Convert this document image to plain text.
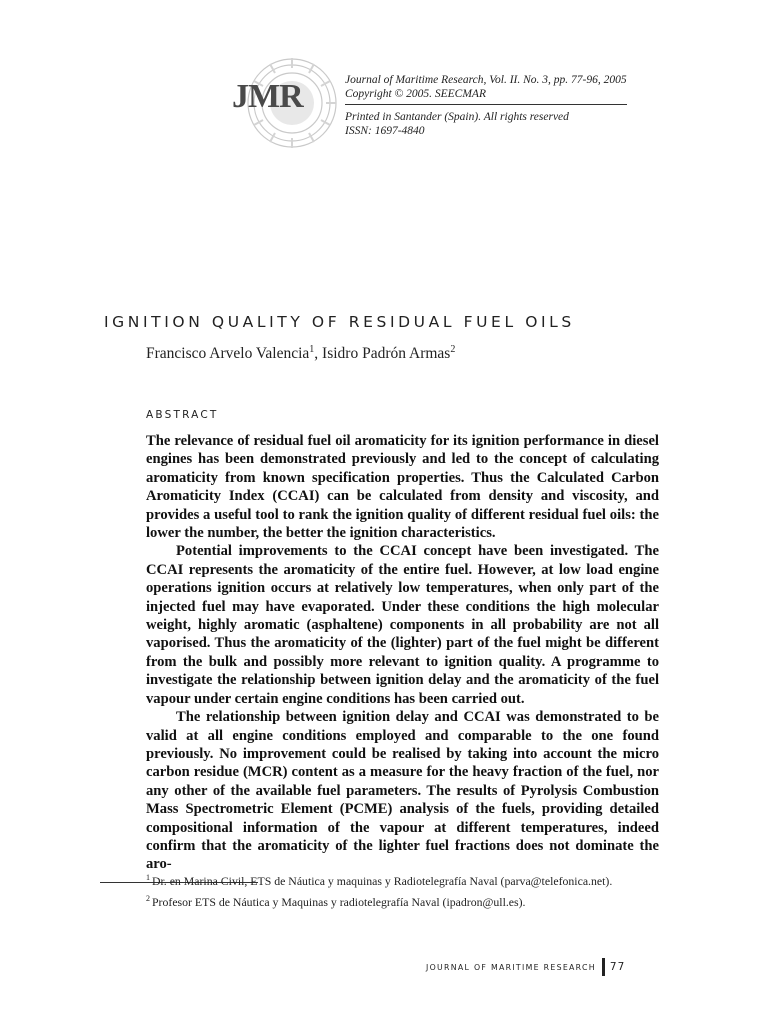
JMR	Journal of Maritime Research, Vol. II. No. 3, pp. 77-96, 2005
Copyright © 2005. SEECMAR
Printed in Santander (Spain). All rights reserved
ISSN: 1697-4840
IGNITION QUALITY OF RESIDUAL FUEL OILS
Francisco Arvelo Valencia$^1$, Isidro Padrón Armas$^2$
ABSTRACT

The relevance of residual fuel oil aromaticity for its ignition performance in diesel engines has been demonstrated previously and led to the concept of calculating aromaticity from known specification properties. Thus the Calculated Carbon Aromaticity Index (CCAI) can be calculated from density and viscosity, and provides a useful tool to rank the ignition quality of different residual fuel oils: the lower the number, the better the ignition characteristics.

Potential improvements to the CCAI concept have been investigated. The CCAI represents the aromaticity of the entire fuel. However, at low load engine operations ignition occurs at relatively low temperatures, when only part of the injected fuel may have evaporated. Under these conditions the high molecular weight, highly aromatic (asphaltene) components in all probability are not all vaporised. Thus the aromaticity of the (lighter) part of the fuel might be different from the bulk and possibly more relevant to ignition quality. A programme to investigate the relationship between ignition delay and the aromaticity of the fuel vapour under certain engine conditions has been carried out.

The relationship between ignition delay and CCAI was demonstrated to be valid at all engine conditions employed and comparable to the one found previously. No improvement could be realised by taking into account the micro carbon residue (MCR) content as a measure for the heavy fraction of the fuel, nor any other of the available fuel parameters. The results of Pyrolysis Combustion Mass Spectrometric Element (PCME) analysis of the fuels, providing detailed compositional information of the vapour at different temperatures, indeed confirm that the aromaticity of the lighter fuel fractions does not dominate the aro-

$^1$ Dr. en Marina Civil, ETS de Náutica y maquinas y Radiotelegrafía Naval (parva@telefonica.net).
$^2$ Profesor ETS de Náutica y Maquinas y radiotelegrafía Naval (ipadron@ull.es).
JOURNAL OF MARITIME RESEARCH 77
